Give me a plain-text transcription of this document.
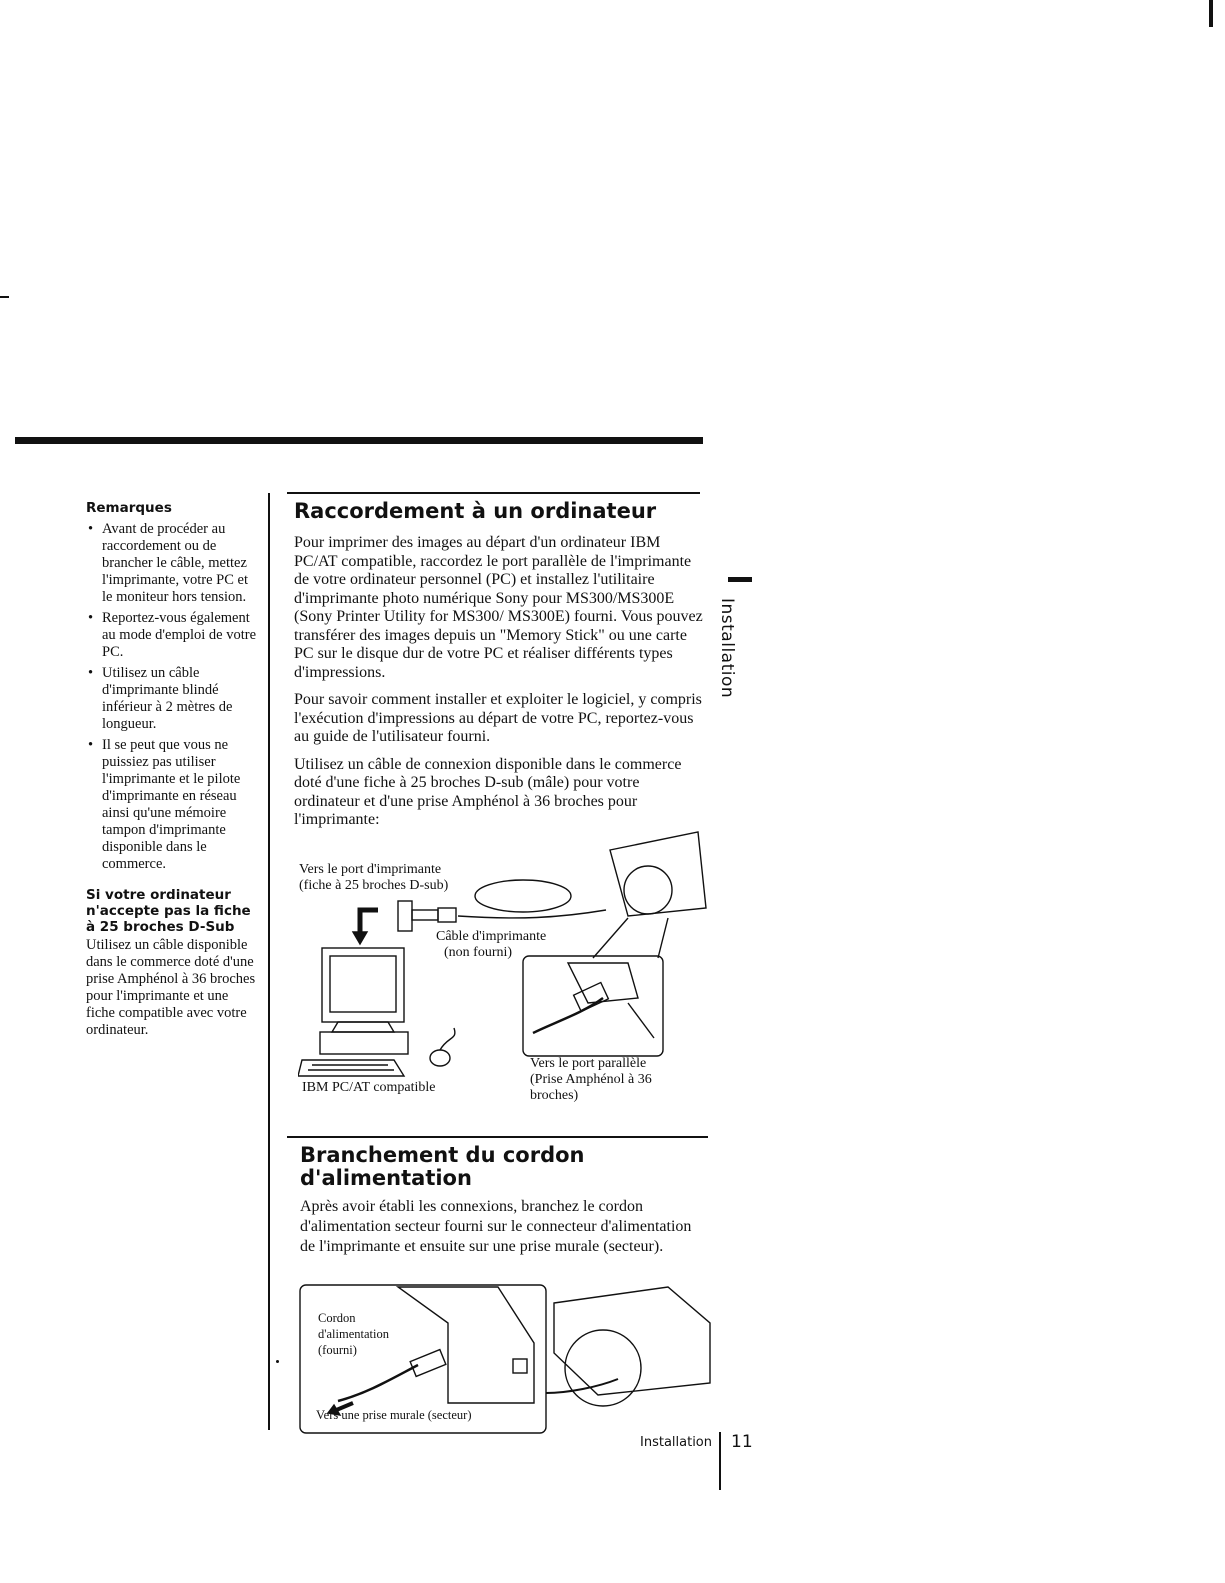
Remarques
• Avant de procéder au raccordement ou de brancher le câble, mettez l'imprimante, votre PC et le moniteur hors tension.
• Reportez-vous également au mode d'emploi de votre PC.
• Utilisez un câble d'imprimante blindé inférieur à 2 mètres de longueur.
• Il se peut que vous ne puissiez pas utiliser l'imprimante et le pilote d'imprimante en réseau ainsi qu'une mémoire tampon d'imprimante disponible dans le commerce.
Si votre ordinateur n'accepte pas la fiche à 25 broches D-Sub

Utilisez un câble disponible dans le commerce doté d'une prise Amphénol à 36 broches pour l'imprimante et une fiche compatible avec votre ordinateur.

Raccordement à un ordinateur

Pour imprimer des images au départ d'un ordinateur IBM PC/AT compatible, raccordez le port parallèle de l'imprimante de votre ordinateur personnel (PC) et installez l'utilitaire d'imprimante photo numérique Sony pour MS300/MS300E (Sony Printer Utility for MS300/ MS300E) fourni. Vous pouvez transférer des images depuis un "Memory Stick" ou une carte PC sur le disque dur de votre PC et réaliser différents types d'impressions.

Pour savoir comment installer et exploiter le logiciel, y compris l'exécution d'impressions au départ de votre PC, reportez-vous au guide de l'utilisateur fourni.

Utilisez un câble de connexion disponible dans le commerce doté d'une fiche à 25 broches D-sub (mâle) pour votre ordinateur et d'une prise Amphénol à 36 broches pour l'imprimante:

Vers le port d'imprimante
(fiche à 25 broches D-sub)
Câble d'imprimante
(non fourni)
IBM PC/AT compatible
Vers le port parallèle
(Prise Amphénol à 36
broches)
Branchement du cordon
d'alimentation

Après avoir établi les connexions, branchez le cordon d'alimentation secteur fourni sur le connecteur d'alimentation de l'imprimante et ensuite sur une prise murale (secteur).

Cordon
d'alimentation
(fourni)
Vers une prise murale (secteur)
Installation
Installation 11
